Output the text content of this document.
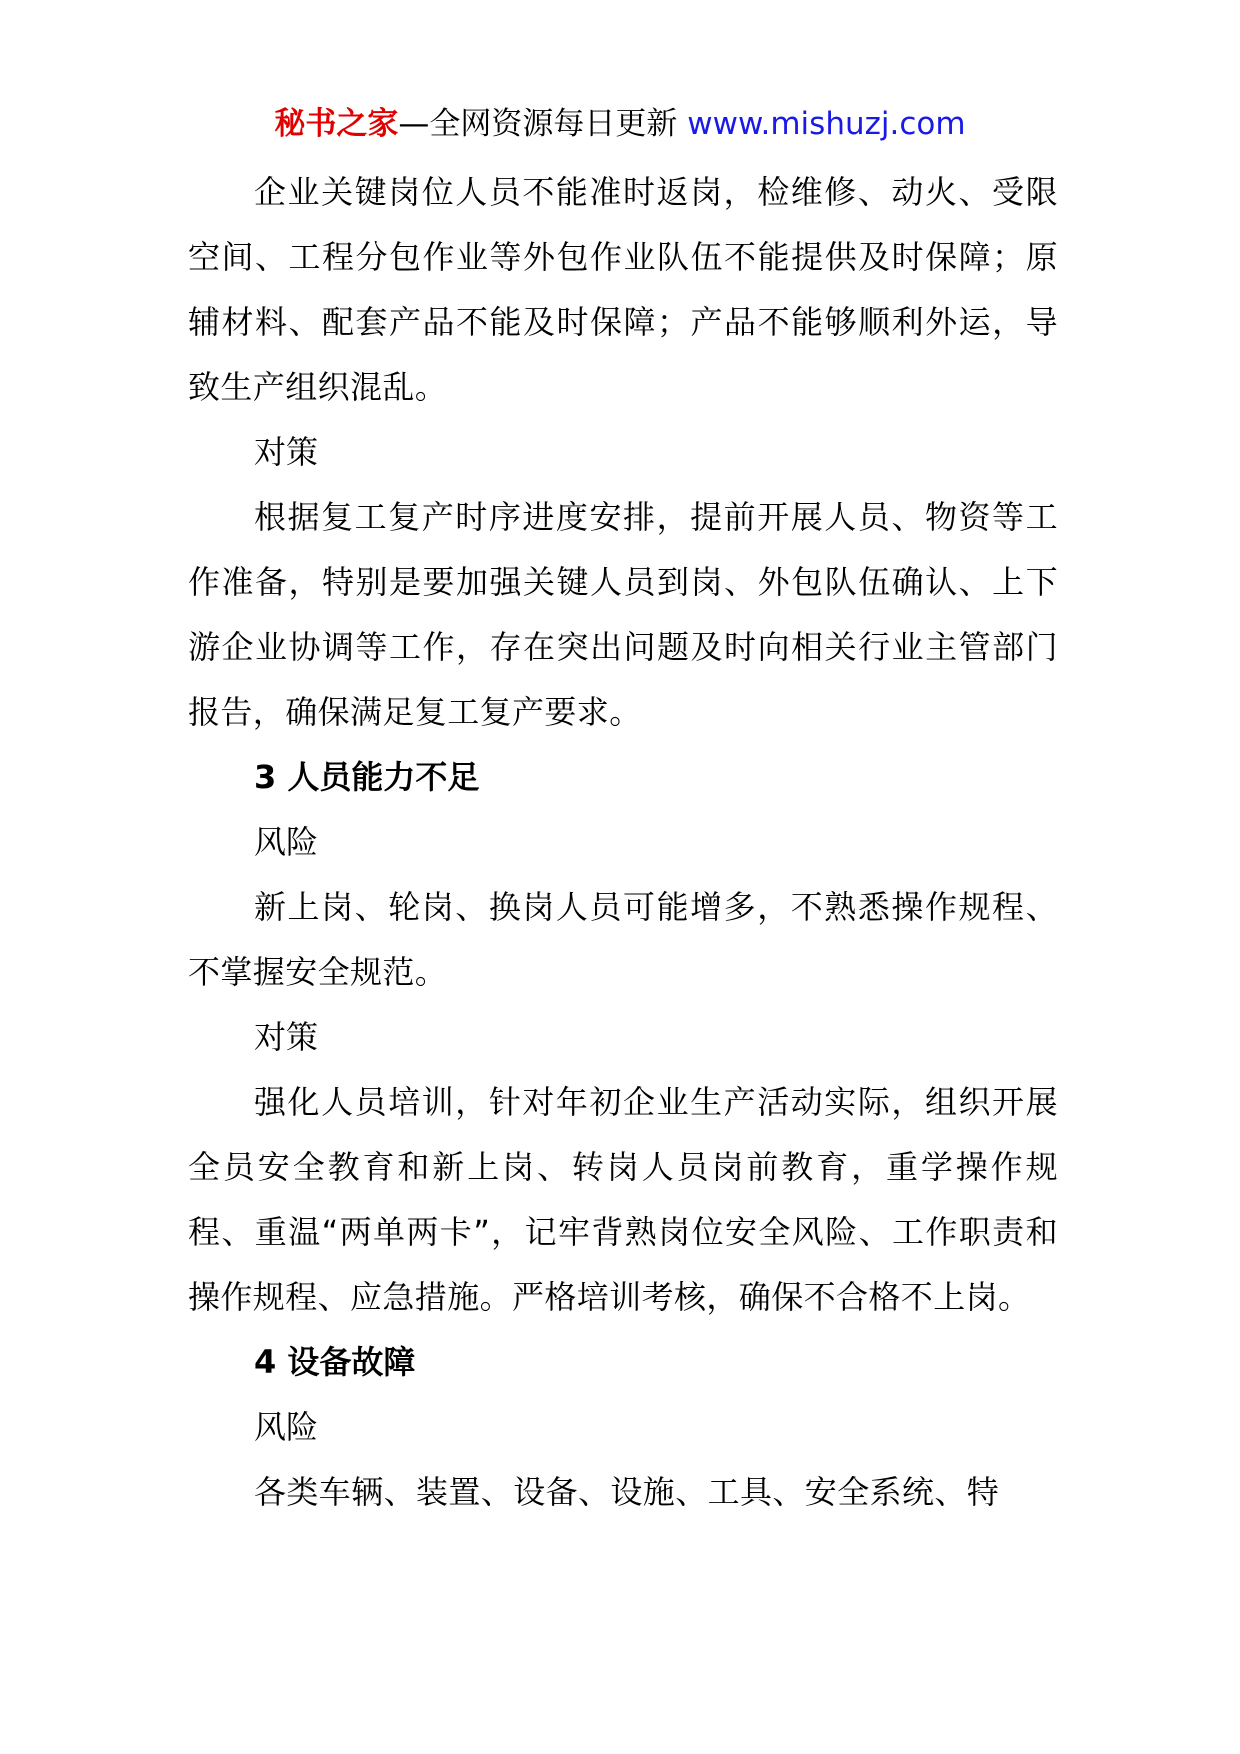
秘书之家—全网资源每日更新 www.mishuzj.com

企业关键岗位人员不能准时返岗，检维修、动火、受限空间、工程分包作业等外包作业队伍不能提供及时保障；原辅材料、配套产品不能及时保障；产品不能够顺利外运，导致生产组织混乱。

对策

根据复工复产时序进度安排，提前开展人员、物资等工作准备，特别是要加强关键人员到岗、外包队伍确认、上下游企业协调等工作，存在突出问题及时向相关行业主管部门报告，确保满足复工复产要求。

3 人员能力不足

风险

新上岗、轮岗、换岗人员可能增多，不熟悉操作规程、不掌握安全规范。

对策

强化人员培训，针对年初企业生产活动实际，组织开展全员安全教育和新上岗、转岗人员岗前教育，重学操作规程、重温“两单两卡”，记牢背熟岗位安全风险、工作职责和操作规程、应急措施。严格培训考核，确保不合格不上岗。

4 设备故障

风险

各类车辆、装置、设备、设施、工具、安全系统、特
